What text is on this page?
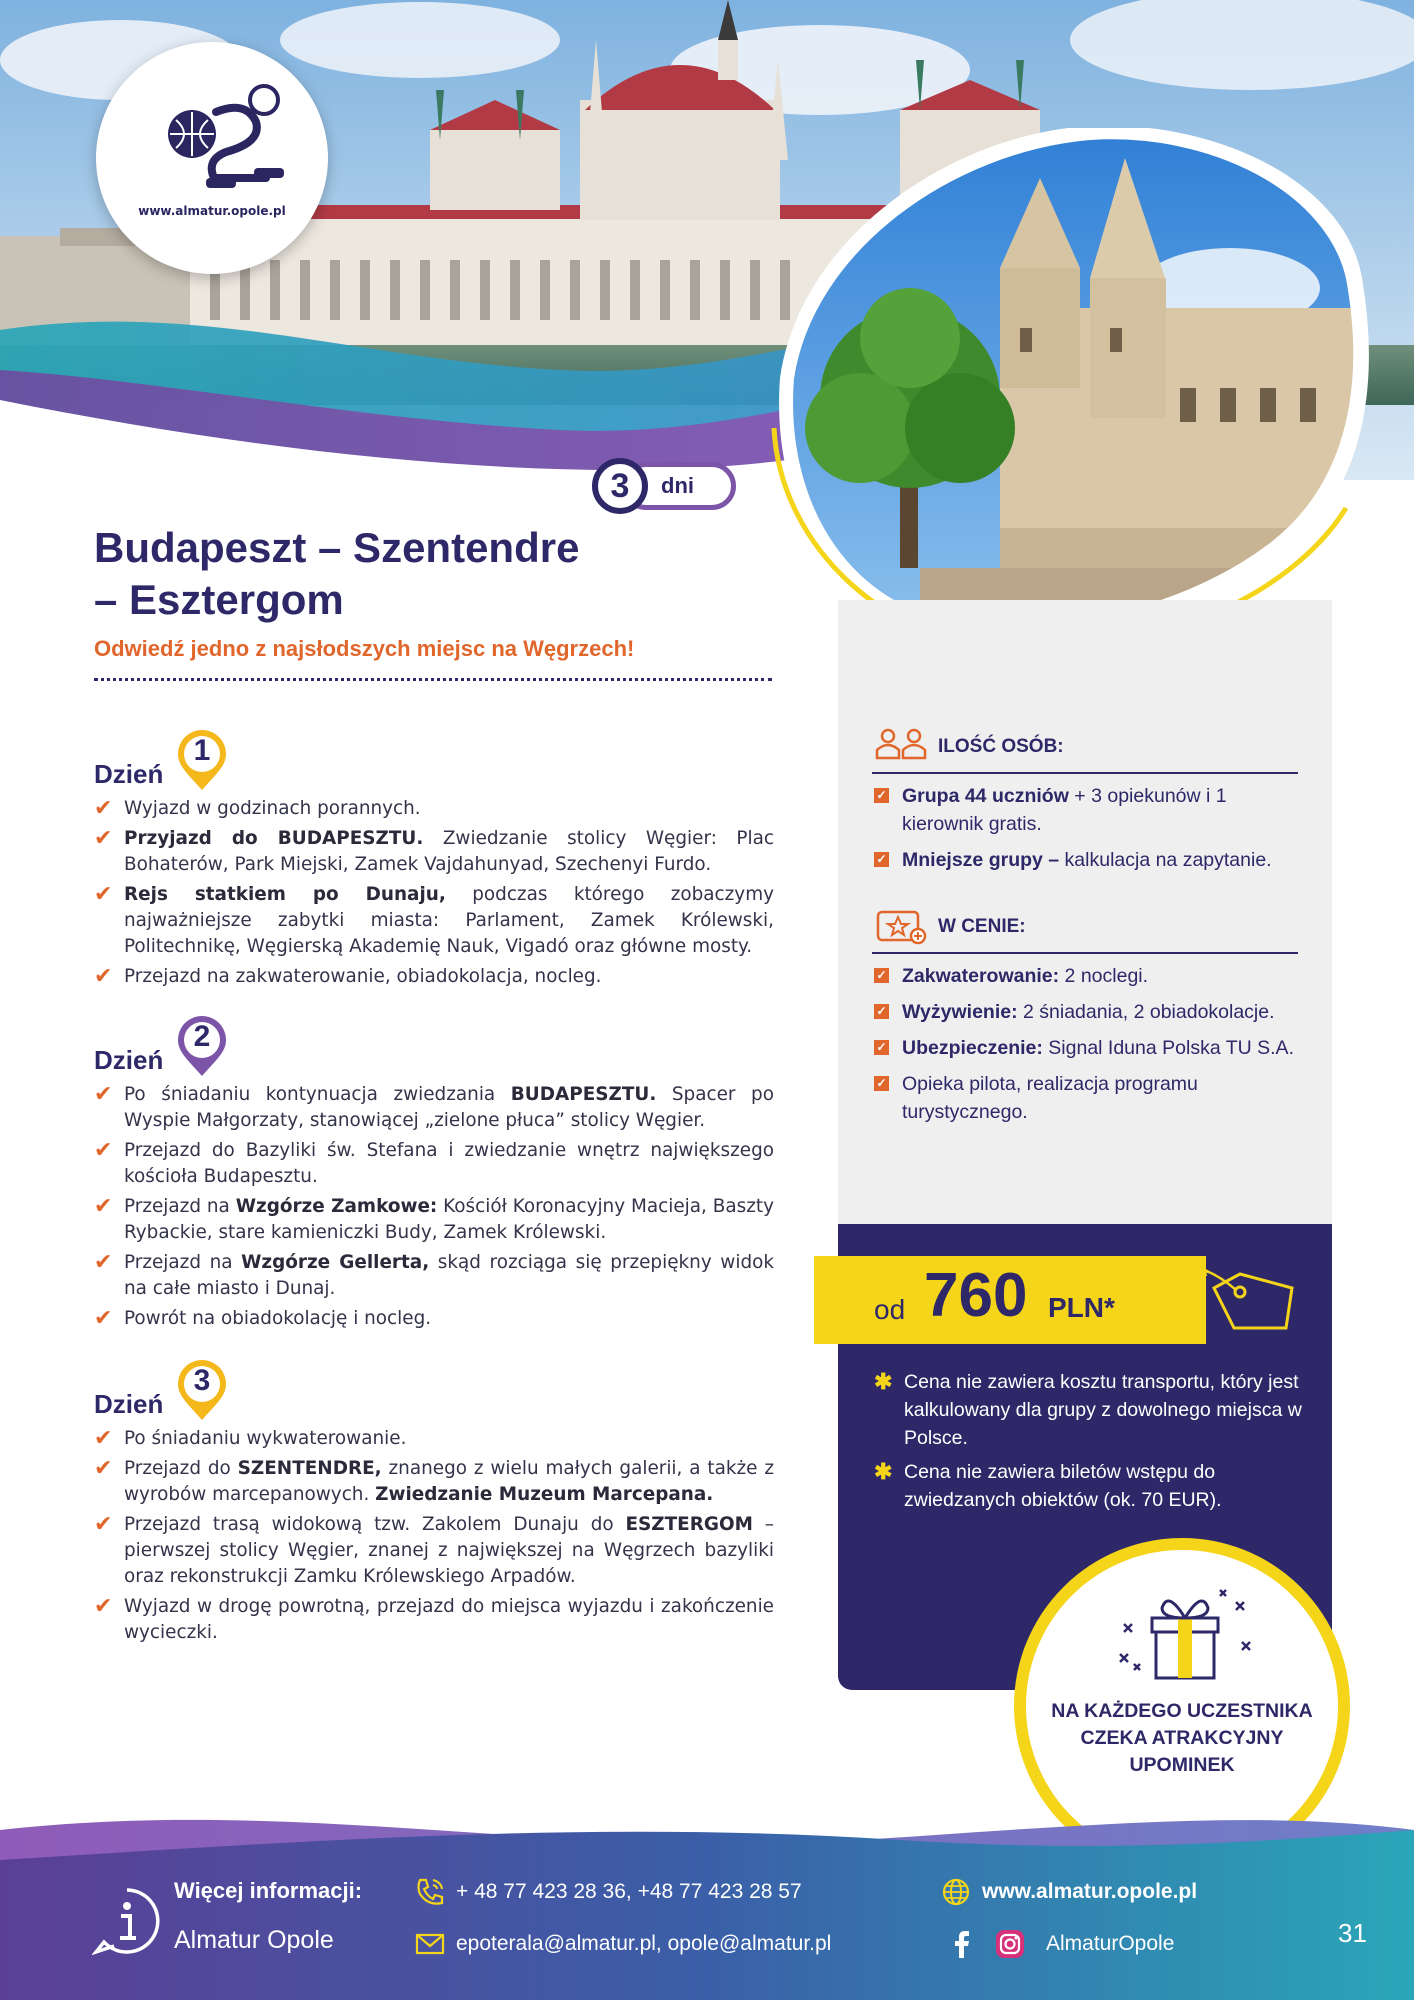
www.almatur.opole.pl
dni
3
Budapeszt – Szentendre
– Esztergom
Odwiedź jedno z najsłodszych miejsc na Węgrzech!
Dzień
1
✔ Wyjazd w godzinach porannych.
✔ Przyjazd do BUDAPESZTU. Zwiedzanie stolicy Węgier: Plac Bohaterów, Park Miejski, Zamek Vajdahunyad, Szechenyi Furdo.
✔ Rejs statkiem po Dunaju, podczas którego zobaczymy najważniejsze zabytki miasta: Parlament, Zamek Królewski, Politechnikę, Węgierską Akademię Nauk, Vigadó oraz główne mosty.
✔ Przejazd na zakwaterowanie, obiadokolacja, nocleg.
Dzień
2
✔ Po śniadaniu kontynuacja zwiedzania BUDAPESZTU. Spacer po Wyspie Małgorzaty, stanowiącej „zielone płuca” stolicy Węgier.
✔ Przejazd do Bazyliki św. Stefana i zwiedzanie wnętrz największego kościoła Budapesztu.
✔ Przejazd na Wzgórze Zamkowe: Kościół Koronacyjny Macieja, Baszty Rybackie, stare kamieniczki Budy, Zamek Królewski.
✔ Przejazd na Wzgórze Gellerta, skąd rozciąga się przepiękny widok na całe miasto i Dunaj.
✔ Powrót na obiadokolację i nocleg.
Dzień
3
✔ Po śniadaniu wykwaterowanie.
✔ Przejazd do SZENTENDRE, znanego z wielu małych galerii, a także z wyrobów marcepanowych. Zwiedzanie Muzeum Marcepana.
✔ Przejazd trasą widokową tzw. Zakolem Dunaju do ESZTERGOM – pierwszej stolicy Węgier, znanej z największej na Węgrzech bazyliki oraz rekonstrukcji Zamku Królewskiego Arpadów.
✔ Wyjazd w drogę powrotną, przejazd do miejsca wyjazdu i zakończenie wycieczki.
ILOŚĆ OSÓB:
✓ Grupa 44 uczniów + 3 opiekunów i 1 kierownik gratis.
✓ Mniejsze grupy – kalkulacja na zapytanie.
W CENIE:
✓ Zakwaterowanie: 2 noclegi.
✓ Wyżywienie: 2 śniadania, 2 obiadokolacje.
✓ Ubezpieczenie: Signal Iduna Polska TU S.A.
✓ Opieka pilota, realizacja programu turystycznego.
od 760 PLN*
✱ Cena nie zawiera kosztu transportu, który jest kalkulowany dla grupy z dowolnego miejsca w Polsce.
✱ Cena nie zawiera biletów wstępu do zwiedzanych obiektów (ok. 70 EUR).
NA KAŻDEGO UCZESTNIKA CZEKA ATRAKCYJNY UPOMINEK
Więcej informacji:
Almatur Opole
+ 48 77 423 28 36, +48 77 423 28 57
epoterala@almatur.pl, opole@almatur.pl
www.almatur.opole.pl
AlmaturOpole	31
